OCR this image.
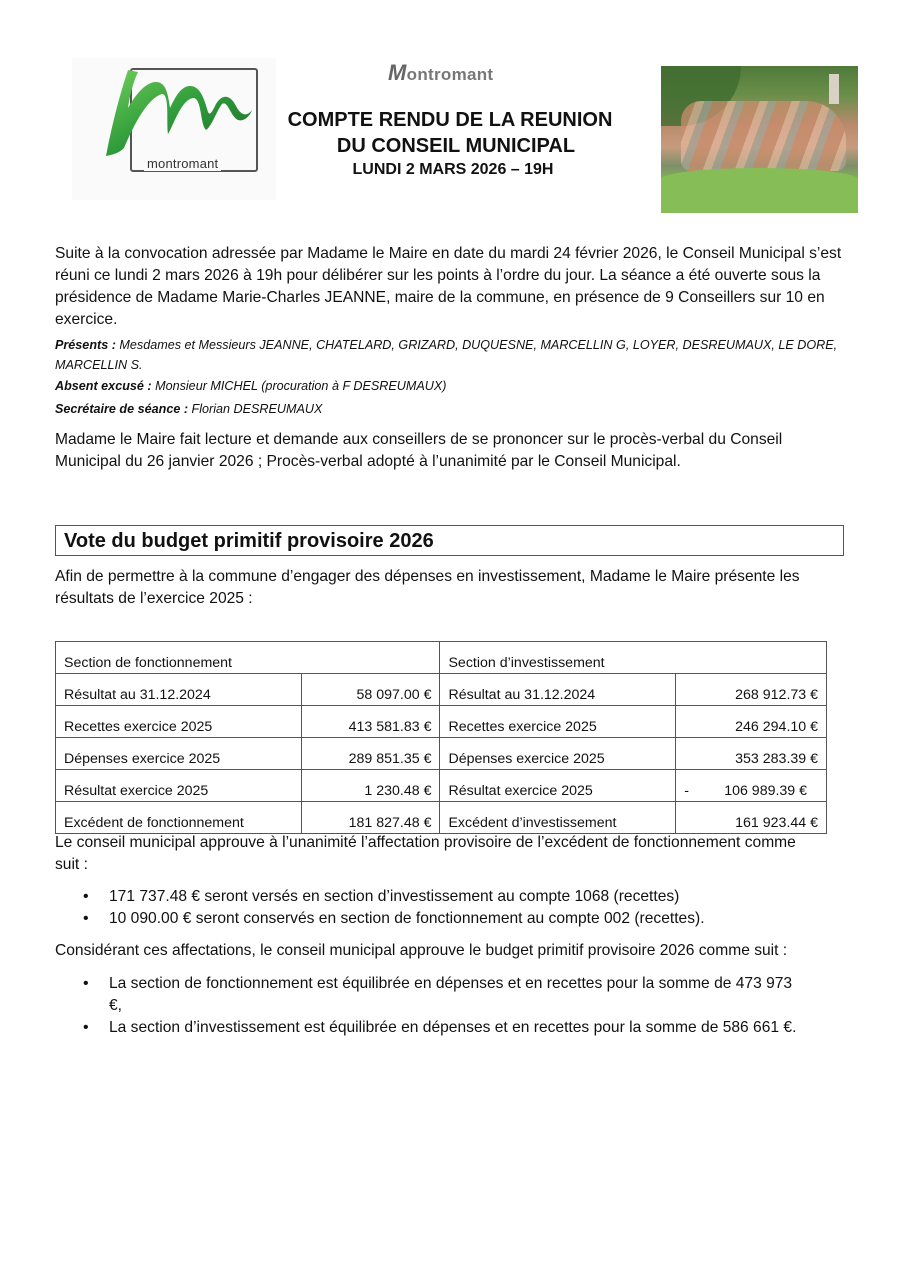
montromant
Montromant
COMPTE RENDU DE LA REUNION
DU CONSEIL MUNICIPAL
LUNDI 2 MARS 2026 – 19H
Suite à la convocation adressée par Madame le Maire en date du mardi 24 février 2026, le Conseil Municipal s’est réuni ce lundi 2 mars 2026 à 19h pour délibérer sur les points à l’ordre du jour. La séance a été ouverte sous la présidence de Madame Marie-Charles JEANNE, maire de la commune, en présence de 9 Conseillers sur 10 en exercice.
Présents : Mesdames et Messieurs JEANNE, CHATELARD, GRIZARD, DUQUESNE, MARCELLIN G, LOYER, DESREUMAUX, LE DORE, MARCELLIN S.
Absent excusé : Monsieur MICHEL (procuration à F DESREUMAUX)
Secrétaire de séance : Florian DESREUMAUX
Madame le Maire fait lecture et demande aux conseillers de se prononcer sur le procès-verbal du Conseil Municipal du 26 janvier 2026 ; Procès-verbal adopté à l’unanimité par le Conseil Municipal.
Vote du budget primitif provisoire 2026
Afin de permettre à la commune d’engager des dépenses en investissement, Madame le Maire présente les résultats de l’exercice 2025 :
Section de fonctionnement		Section d’investissement	
Résultat au 31.12.2024	58 097.00 €	Résultat au 31.12.2024	268 912.73 €
Recettes exercice 2025	413 581.83 €	Recettes exercice 2025	246 294.10 €
Dépenses exercice 2025	289 851.35 €	Dépenses exercice 2025	353 283.39 €
Résultat exercice 2025	1 230.48 €	Résultat exercice 2025	- 106 989.39 €
Excédent de fonctionnement	181 827.48 €	Excédent d’investissement	161 923.44 €
Le conseil municipal approuve à l’unanimité l’affectation provisoire de l’excédent de fonctionnement comme suit :
• 171 737.48 € seront versés en section d’investissement au compte 1068 (recettes)
• 10 090.00 € seront conservés en section de fonctionnement au compte 002 (recettes).
Considérant ces affectations, le conseil municipal approuve le budget primitif provisoire 2026 comme suit :
• La section de fonctionnement est équilibrée en dépenses et en recettes pour la somme de 473 973 €,
• La section d’investissement est équilibrée en dépenses et en recettes pour la somme de 586 661 €.
